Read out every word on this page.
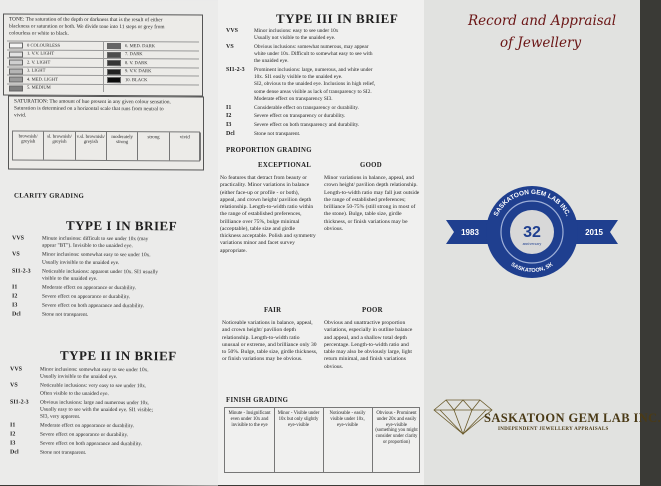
TONE: The saturation of the depth or darkness that is the result of either
blackness or saturation or both. We divide tone into 11 steps or grey from
colourless or white to black.
0 COLOURLESS	6. MED. DARK
1. V.V. LIGHT	7. DARK
2. V. LIGHT	8. V. DARK
3. LIGHT	9. V.V. DARK
4. MED. LIGHT	10. BLACK
5. MEDIUM
SATURATION: The amount of hue present in any given colour sensation.
Saturation is determined on a horizontal scale that runs from neutral to
vivid.
brownish/ greyish
sl. brownish/ greyish
v.sl. brownish/ greyish
moderately strong
strong	vivid
CLARITY GRADING
TYPE I IN BRIEF
VVS	Minute inclusions: difficult to see under 10x (may
appear "BT"). Invisible to the unaided eye.
VS	Minor inclusions: somewhat easy to see under 10x.
Usually invisible to the unaided eye.
SI1-2-3 Noticeable inclusions: apparent under 10x. SI1 usually
visible to the unaided eye.
I1	Moderate effect on appearance or durability.
I2	Severe effect on appearance or durability.
I3	Severe effect on both appearance and durability.
Dcl	Stone not transparent.
TYPE II IN BRIEF
VVS	Minor inclusions: somewhat easy to see under 10x.
Usually invisible to the unaided eye.
VS	Noticeable inclusions: very easy to see under 10x.
Often visible to the unaided eye.
SI1-2-3 Obvious inclusions: large and numerous under 10x.
Usually easy to see with the unaided eye. SI1 visible;
SI3, very apparent.
I1	Moderate effect on appearance or durability.
I2	Severe effect on appearance or durability.
I3	Severe effect on both appearance and durability.
Dcl	Stone not transparent.
TYPE III IN BRIEF
VVS	Minor inclusions: easy to see under 10x
Usually not visible to the unaided eye.
VS	Obvious inclusions: somewhat numerous, may appear
white under 10x. Difficult to somewhat easy to see with
the unaided eye.
SI1-2-3 Prominent inclusions: large, numerous, and white under
10x. SI1 easily visible to the unaided eye.
SI2, obvious to the unaided eye. Inclusions in high relief,
some dense areas visible as lack of transparency to SI2.
Moderate effect on transparency SI3.
I1	Considerable effect on transparency or durability.
I2	Severe effect on transparency or durability.
I3	Severe effect on both transparency and durability.
Dcl	Stone not transparent.
PROPORTION GRADING
EXCEPTIONAL
No features that detract from beauty or practicality. Minor variations in balance (either face-up or profile - or both), appeal, and crown height/ pavilion depth relationship. Length-to-width ratio within the range of established preferences, brilliance over 75%, bulge minimal (acceptable), table size and girdle thickness acceptable. Polish and symmetry variations minor and facet survey appropriate.
GOOD
Minor variations in balance, appeal, and crown height/ pavilion depth relationship. Length-to-width ratio may fall just outside the range of established preferences; brilliance 50-75% (still strong in most of the stone). Bulge, table size, girdle thickness, or finish variations may be obvious.
FAIR
Noticeable variations in balance, appeal, and crown height/ pavilion depth relationship. Length-to-width ratio unusual or extreme, and brilliance only 30 to 50%. Bulge, table size, girdle thickness, or finish variations may be obvious.
POOR
Obvious and unattractive proportion variations, especially in outline balance and appeal, and a shallow total depth percentage. Length-to-width ratio and table may also be obviously large, light return minimal, and finish variations obvious.
FINISH GRADING
Minute - Insignificant even under 10x and invisible to the eye
Minor - Visible under 10x but only slightly eye-visible
Noticeable - easily visible under 10x, eye-visible
Obvious - Prominent under 20x and easily eye-visible (something you might consider under clarity or proportion)
Record and Appraisal
of Jewellery
SASKATOON GEM LAB INC.
SASKATOON, SK
32
anniversary
1983	2015
SASKATOON GEM LAB INC.
INDEPENDENT JEWELLERY APPRAISALS
